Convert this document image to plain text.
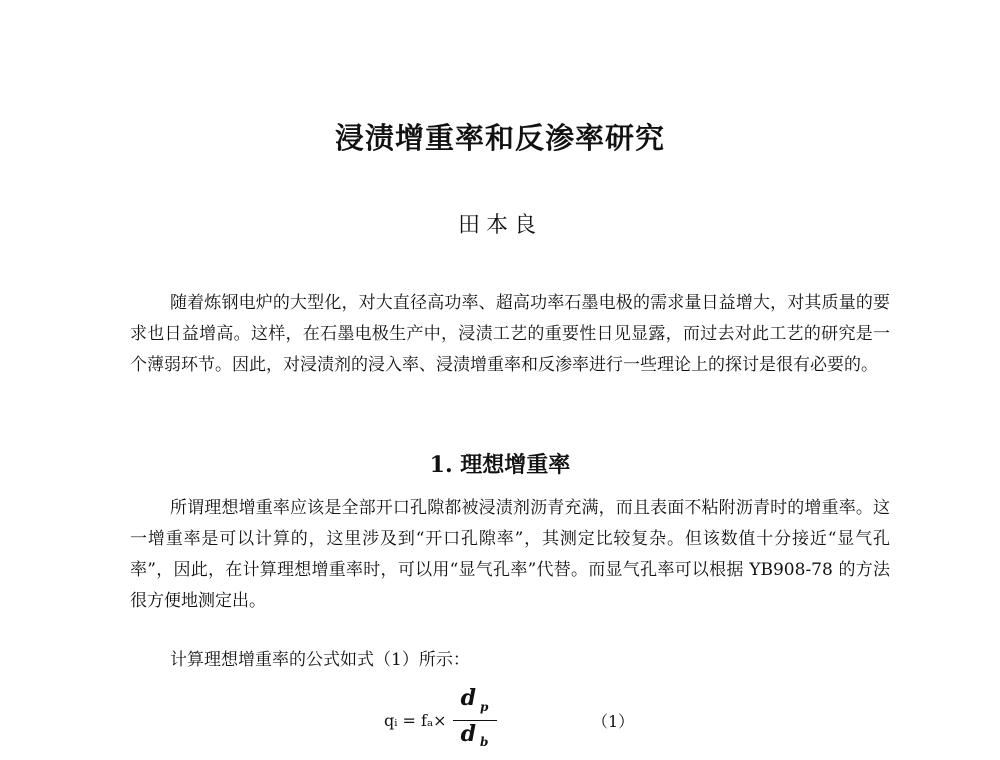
浸渍增重率和反渗率研究
田本良

随着炼钢电炉的大型化，对大直径高功率、超高功率石墨电极的需求量日益增大，对其质量的要求也日益增高。这样，在石墨电极生产中，浸渍工艺的重要性日见显露，而过去对此工艺的研究是一个薄弱环节。因此，对浸渍剂的浸入率、浸渍增重率和反渗率进行一些理论上的探讨是很有必要的。

1. 理想增重率

所谓理想增重率应该是全部开口孔隙都被浸渍剂沥青充满，而且表面不粘附沥青时的增重率。这一增重率是可以计算的，这里涉及到“开口孔隙率”，其测定比较复杂。但该数值十分接近“显气孔率”，因此，在计算理想增重率时，可以用“显气孔率”代替。而显气孔率可以根据 YB908-78 的方法很方便地测定出。

计算理想增重率的公式如式（1）所示：

qᵢ = $f_a\times \frac{d _p}{d _b}$	（1）
